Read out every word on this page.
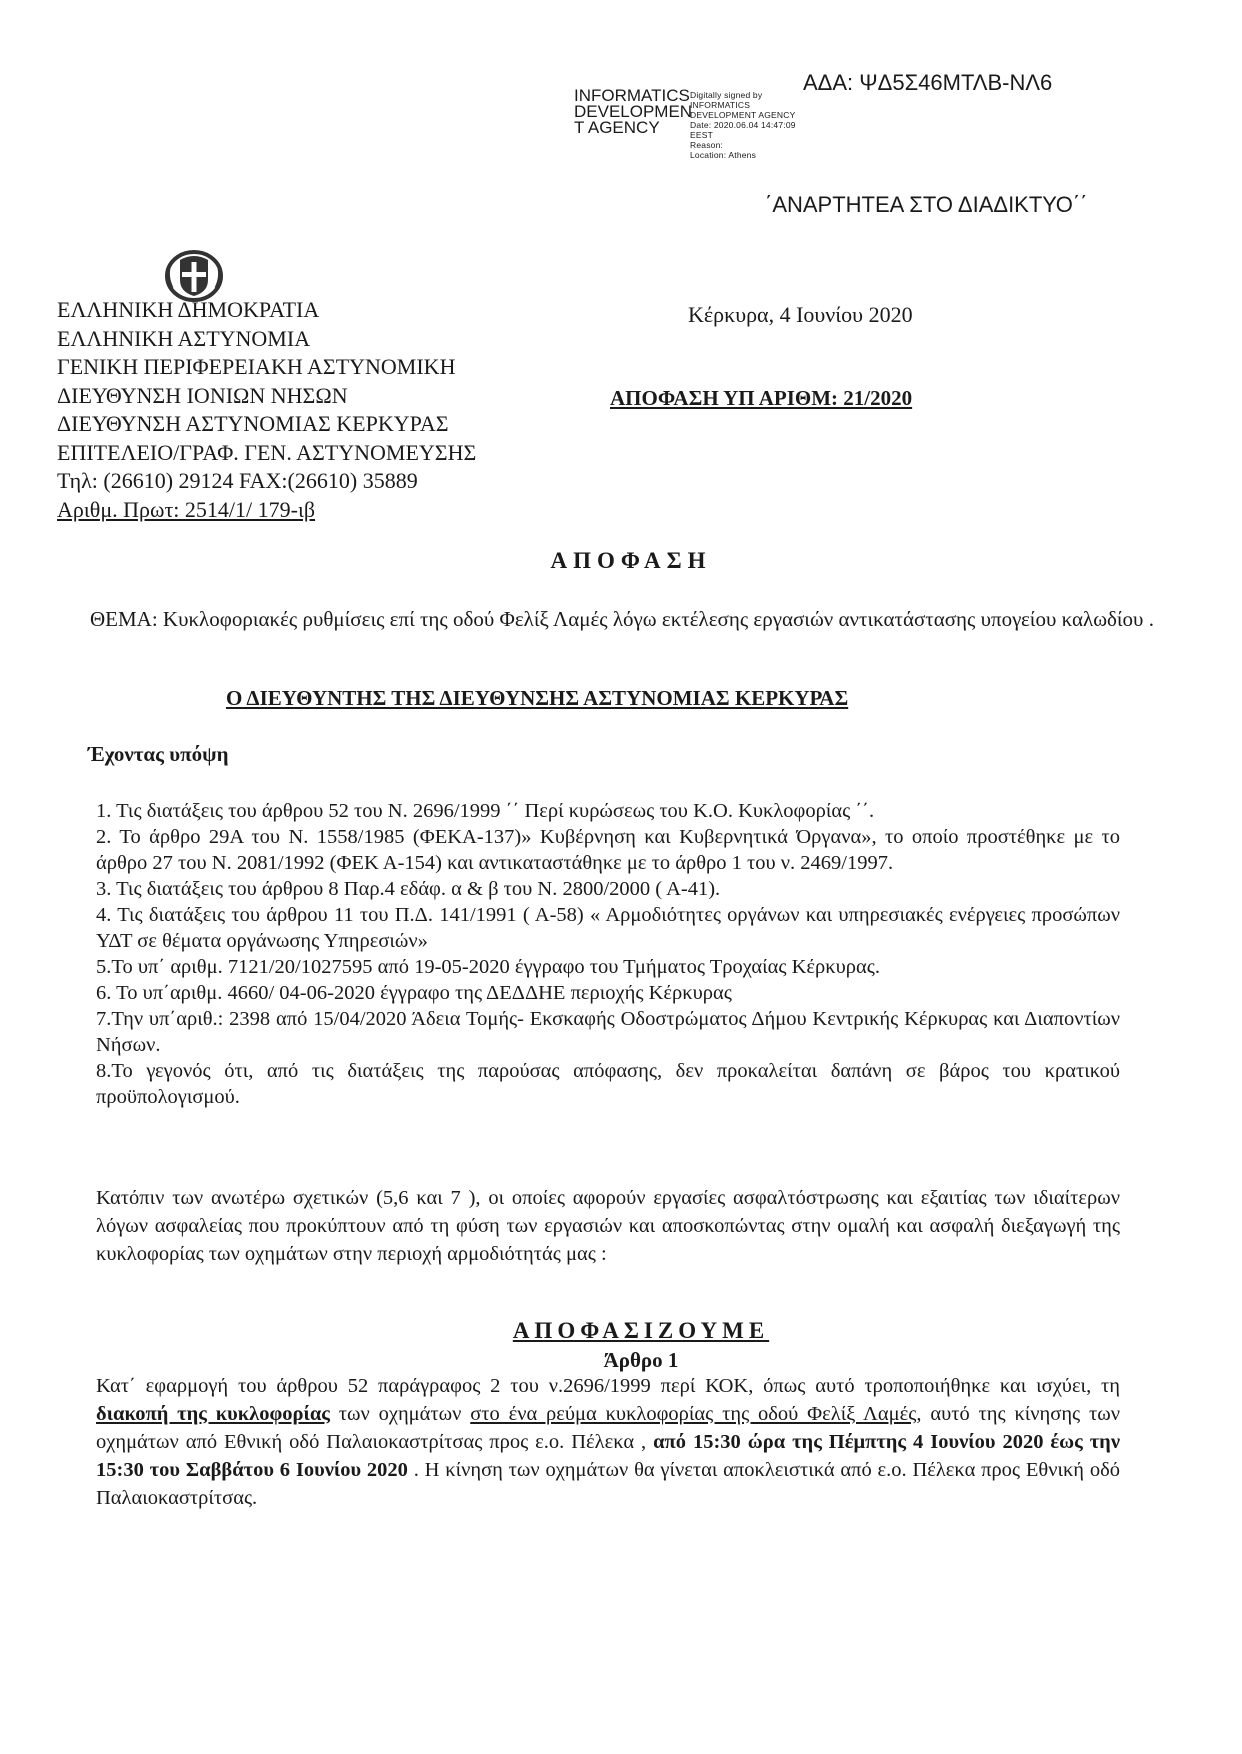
INFORMATICS
DEVELOPMEN
T AGENCY
Digitally signed by
INFORMATICS
DEVELOPMENT AGENCY
Date: 2020.06.04 14:47:09
EEST
Reason:
Location: Athens
ΑΔΑ: ΨΔ5Σ46ΜΤΛΒ-ΝΛ6
΄ΑΝΑΡΤΗΤΕΑ ΣΤΟ ΔΙΑΔΙΚΤΥΟ΄΄
ΕΛΛΗΝΙΚΗ ΔΗΜΟΚΡΑΤΙΑ
ΕΛΛΗΝΙΚΗ ΑΣΤΥΝΟΜΙΑ
ΓΕΝΙΚΗ ΠΕΡΙΦΕΡΕΙΑΚΗ ΑΣΤΥΝΟΜΙΚΗ
ΔΙΕΥΘΥΝΣΗ ΙΟΝΙΩΝ ΝΗΣΩΝ
ΔΙΕΥΘΥΝΣΗ ΑΣΤΥΝΟΜΙΑΣ ΚΕΡΚΥΡΑΣ
ΕΠΙΤΕΛΕΙΟ/ΓΡΑΦ. ΓΕΝ. ΑΣΤΥΝΟΜΕΥΣΗΣ
Τηλ: (26610) 29124 FAX:(26610) 35889
Αριθμ. Πρωτ: 2514/1/ 179-ιβ
Κέρκυρα, 4 Ιουνίου 2020
ΑΠΟΦΑΣΗ ΥΠ ΑΡΙΘΜ: 21/2020
ΑΠΟΦΑΣΗ
ΘΕΜΑ: Κυκλοφοριακές ρυθμίσεις επί της οδού Φελίξ Λαμές λόγω εκτέλεσης εργασιών αντικατάστασης υπογείου καλωδίου .
Ο ΔΙΕΥΘΥΝΤΗΣ ΤΗΣ ΔΙΕΥΘΥΝΣΗΣ ΑΣΤΥΝΟΜΙΑΣ ΚΕΡΚΥΡΑΣ
Έχοντας υπόψη
1. Τις διατάξεις του άρθρου 52 του Ν. 2696/1999 ΄΄ Περί κυρώσεως του Κ.Ο. Κυκλοφορίας ΄΄.
2. Το άρθρο 29Α του Ν. 1558/1985 (ΦΕΚΑ-137)» Κυβέρνηση και Κυβερνητικά Όργανα», το οποίο προστέθηκε με το άρθρο 27 του Ν. 2081/1992 (ΦΕΚ Α-154) και αντικαταστάθηκε με το άρθρο 1 του ν. 2469/1997.
3. Τις διατάξεις του άρθρου 8 Παρ.4 εδάφ. α & β του Ν. 2800/2000 ( Α-41).
4. Τις διατάξεις του άρθρου 11 του Π.Δ. 141/1991 ( Α-58) « Αρμοδιότητες οργάνων και υπηρεσιακές ενέργειες προσώπων ΥΔΤ σε θέματα οργάνωσης Υπηρεσιών»
5.Το υπ΄ αριθμ. 7121/20/1027595 από 19-05-2020 έγγραφο του Τμήματος Τροχαίας Κέρκυρας.
6. Το υπ΄αριθμ. 4660/ 04-06-2020 έγγραφο της ΔΕΔΔΗΕ περιοχής Κέρκυρας
7.Την υπ΄αριθ.: 2398 από 15/04/2020 Άδεια Τομής- Εκσκαφής Οδοστρώματος Δήμου Κεντρικής Κέρκυρας και Διαποντίων Νήσων.
8.Το γεγονός ότι, από τις διατάξεις της παρούσας απόφασης, δεν προκαλείται δαπάνη σε βάρος του κρατικού προϋπολογισμού.
Κατόπιν των ανωτέρω σχετικών (5,6 και 7 ), οι οποίες αφορούν εργασίες ασφαλτόστρωσης και εξαιτίας των ιδιαίτερων λόγων ασφαλείας που προκύπτουν από τη φύση των εργασιών και αποσκοπώντας στην ομαλή και ασφαλή διεξαγωγή της κυκλοφορίας των οχημάτων στην περιοχή αρμοδιότητάς μας :
ΑΠΟΦΑΣΙΖΟΥΜΕ
Άρθρο 1
Κατ΄ εφαρμογή του άρθρου 52 παράγραφος 2 του ν.2696/1999 περί ΚΟΚ, όπως αυτό τροποποιήθηκε και ισχύει, τη διακοπή της κυκλοφορίας των οχημάτων στο ένα ρεύμα κυκλοφορίας της οδού Φελίξ Λαμές, αυτό της κίνησης των οχημάτων από Εθνική οδό Παλαιοκαστρίτσας προς ε.ο. Πέλεκα , από 15:30 ώρα της Πέμπτης 4 Ιουνίου 2020 έως την 15:30 του Σαββάτου 6 Ιουνίου 2020 . Η κίνηση των οχημάτων θα γίνεται αποκλειστικά από ε.ο. Πέλεκα προς Εθνική οδό Παλαιοκαστρίτσας.
